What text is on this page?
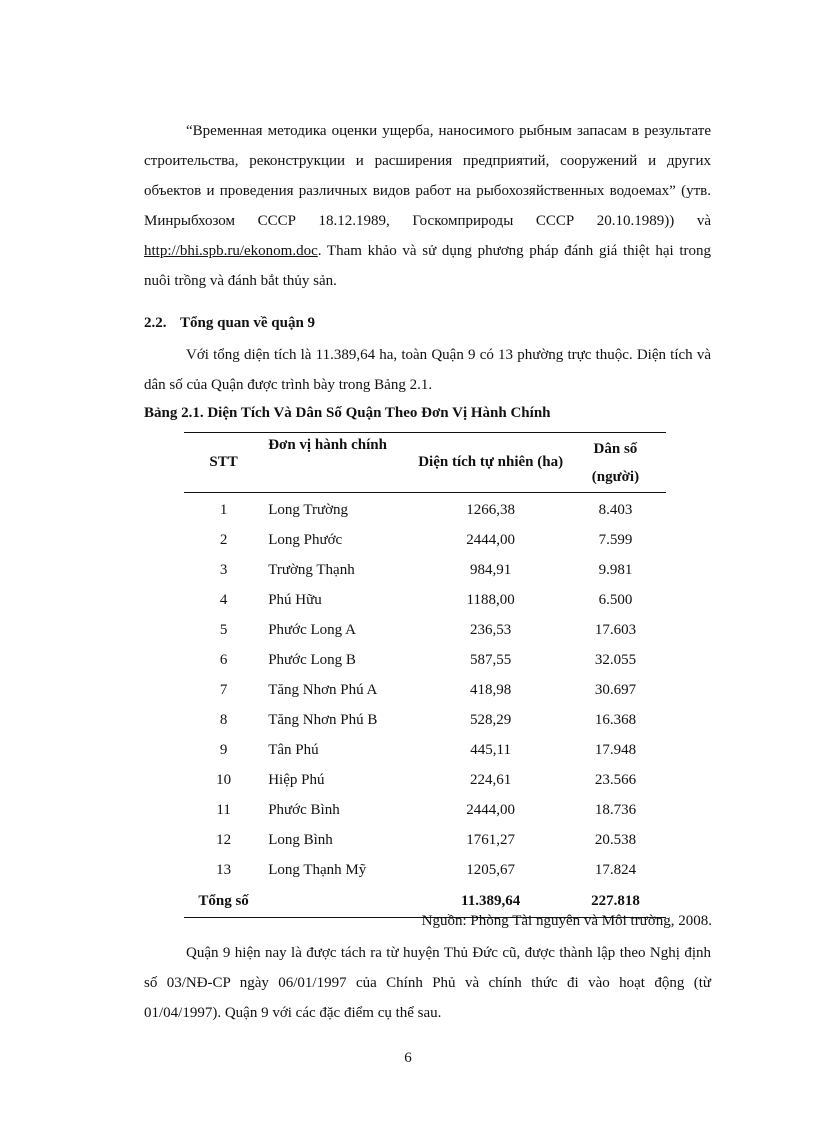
“Временная методика оценки ущерба, наносимого рыбным запасам в результате строительства, реконструкции и расширения предприятий, сооружений и других объектов и проведения различных видов работ на рыбохозяйственных водоемах” (утв. Минрыбхозом СССР 18.12.1989, Госкомприроды СССР 20.10.1989)) và http://bhi.spb.ru/ekonom.doc. Tham khảo và sử dụng phương pháp đánh giá thiệt hại trong nuôi trồng và đánh bắt thủy sản.

2.2. Tổng quan về quận 9

Với tổng diện tích là 11.389,64 ha, toàn Quận 9 có 13 phường trực thuộc. Diện tích và dân số của Quận được trình bày trong Bảng 2.1.

Bảng 2.1. Diện Tích Và Dân Số Quận Theo Đơn Vị Hành Chính
STT	Đơn vị hành chính	Diện tích tự nhiên (ha)	Dân số
(người)
1	Long Trường	1266,38	8.403
2	Long Phước	2444,00	7.599
3	Trường Thạnh	984,91	9.981
4	Phú Hữu	1188,00	6.500
5	Phước Long A	236,53	17.603
6	Phước Long B	587,55	32.055
7	Tăng Nhơn Phú A	418,98	30.697
8	Tăng Nhơn Phú B	528,29	16.368
9	Tân Phú	445,11	17.948
10	Hiệp Phú	224,61	23.566
11	Phước Bình	2444,00	18.736
12	Long Bình	1761,27	20.538
13	Long Thạnh Mỹ	1205,67	17.824
Tổng số		11.389,64	227.818
Nguồn: Phòng Tài nguyên và Môi trường, 2008.

Quận 9 hiện nay là được tách ra từ huyện Thủ Đức cũ, được thành lập theo Nghị định số 03/NĐ-CP ngày 06/01/1997 của Chính Phủ và chính thức đi vào hoạt động (từ 01/04/1997). Quận 9 với các đặc điểm cụ thể sau.

6
